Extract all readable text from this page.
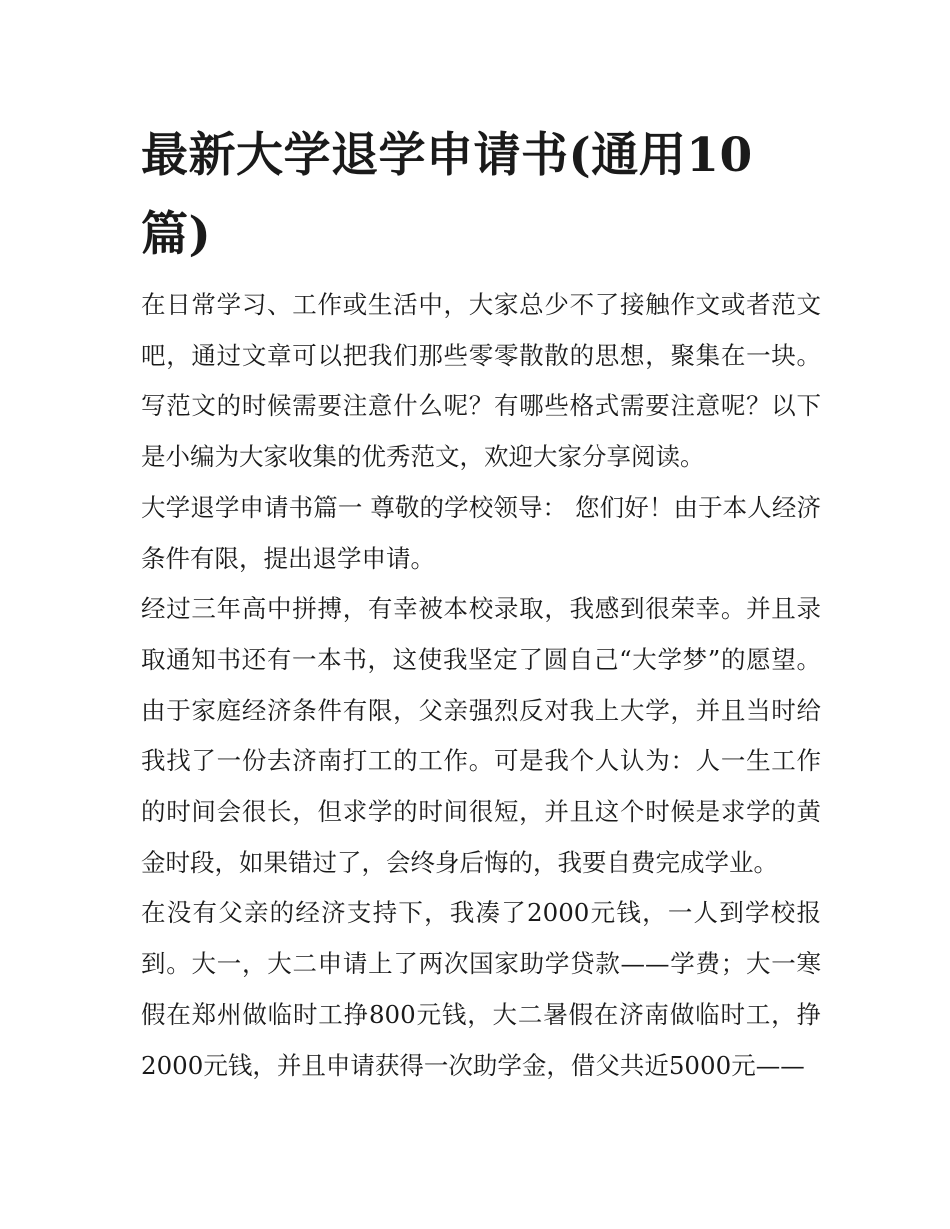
最新大学退学申请书(通用10篇)

在日常学习、工作或生活中，大家总少不了接触作文或者范文吧，通过文章可以把我们那些零零散散的思想，聚集在一块。写范文的时候需要注意什么呢？有哪些格式需要注意呢？以下是小编为大家收集的优秀范文，欢迎大家分享阅读。

大学退学申请书篇一 尊敬的学校领导： 您们好！由于本人经济条件有限，提出退学申请。

经过三年高中拼搏，有幸被本校录取，我感到很荣幸。并且录取通知书还有一本书，这使我坚定了圆自己“大学梦”的愿望。由于家庭经济条件有限，父亲强烈反对我上大学，并且当时给我找了一份去济南打工的工作。可是我个人认为：人一生工作的时间会很长，但求学的时间很短，并且这个时候是求学的黄金时段，如果错过了，会终身后悔的，我要自费完成学业。

在没有父亲的经济支持下，我凑了2000元钱，一人到学校报到。大一，大二申请上了两次国家助学贷款——学费；大一寒假在郑州做临时工挣800元钱，大二暑假在济南做临时工，挣2000元钱，并且申请获得一次助学金，借父共近5000元——
